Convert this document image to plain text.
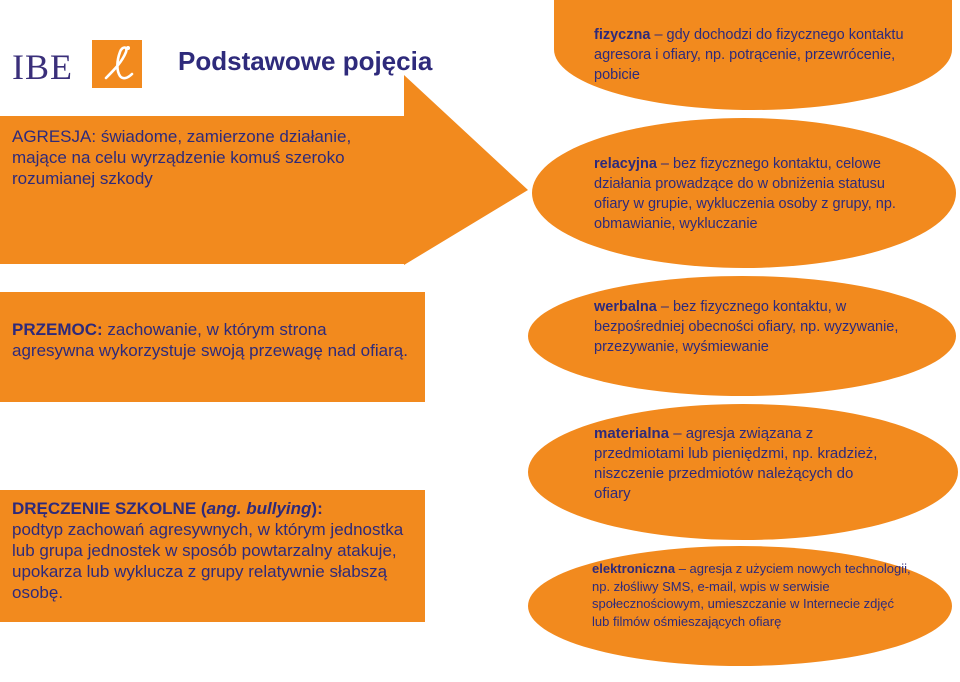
IBE	Podstawowe pojęcia
AGRESJA: świadome, zamierzone działanie, mające na celu wyrządzenie komuś szeroko rozumianej szkody
PRZEMOC: zachowanie, w którym strona agresywna wykorzystuje swoją przewagę nad ofiarą.
DRĘCZENIE SZKOLNE (ang. bullying):
podtyp zachowań agresywnych, w którym jednostka lub grupa jednostek w sposób powtarzalny atakuje, upokarza lub wyklucza z grupy relatywnie słabszą osobę.
fizyczna – gdy dochodzi do fizycznego kontaktu agresora i ofiary, np. potrącenie, przewrócenie, pobicie
relacyjna – bez fizycznego kontaktu, celowe działania prowadzące do w obniżenia statusu ofiary w grupie, wykluczenia osoby z grupy, np. obmawianie, wykluczanie
werbalna – bez fizycznego kontaktu, w bezpośredniej obecności ofiary, np. wyzywanie, przezywanie, wyśmiewanie
materialna – agresja związana z przedmiotami lub pieniędzmi, np. kradzież, niszczenie przedmiotów należących do ofiary
elektroniczna – agresja z użyciem nowych technologii, np. złośliwy SMS, e-mail, wpis w serwisie społecznościowym, umieszczanie w Internecie zdjęć lub filmów ośmieszających ofiarę
